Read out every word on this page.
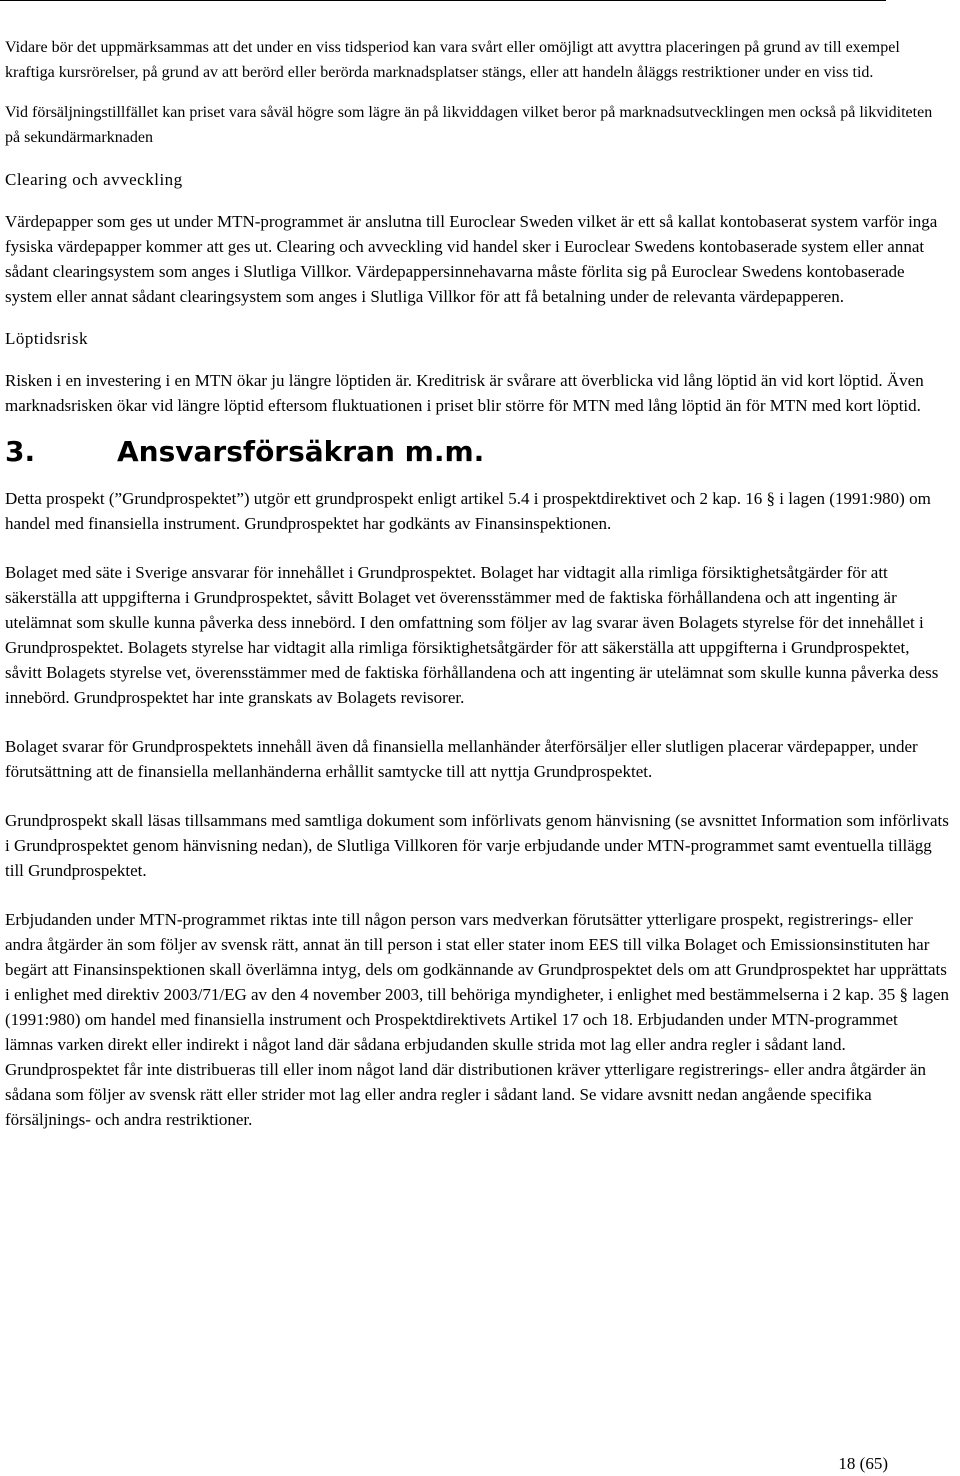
Vidare bör det uppmärksammas att det under en viss tidsperiod kan vara svårt eller omöjligt att avyttra placeringen på grund av till exempel kraftiga kursrörelser, på grund av att berörd eller berörda marknadsplatser stängs, eller att handeln åläggs restriktioner under en viss tid.

Vid försäljningstillfället kan priset vara såväl högre som lägre än på likviddagen vilket beror på marknadsutvecklingen men också på likviditeten på sekundärmarknaden

Clearing och avveckling

Värdepapper som ges ut under MTN-programmet är anslutna till Euroclear Sweden vilket är ett så kallat kontobaserat system varför inga fysiska värdepapper kommer att ges ut. Clearing och avveckling vid handel sker i Euroclear Swedens kontobaserade system eller annat sådant clearingsystem som anges i Slutliga Villkor. Värdepappersinnehavarna måste förlita sig på Euroclear Swedens kontobaserade system eller annat sådant clearingsystem som anges i Slutliga Villkor för att få betalning under de relevanta värdepapperen.

Löptidsrisk

Risken i en investering i en MTN ökar ju längre löptiden är. Kreditrisk är svårare att överblicka vid lång löptid än vid kort löptid. Även marknadsrisken ökar vid längre löptid eftersom fluktuationen i priset blir större för MTN med lång löptid än för MTN med kort löptid.

3.	Ansvarsförsäkran m.m.

Detta prospekt (”Grundprospektet”) utgör ett grundprospekt enligt artikel 5.4 i prospektdirektivet och 2 kap. 16 § i lagen (1991:980) om handel med finansiella instrument. Grundprospektet har godkänts av Finansinspektionen.

Bolaget med säte i Sverige ansvarar för innehållet i Grundprospektet. Bolaget har vidtagit alla rimliga försiktighetsåtgärder för att säkerställa att uppgifterna i Grundprospektet, såvitt Bolaget vet överensstämmer med de faktiska förhållandena och att ingenting är utelämnat som skulle kunna påverka dess innebörd. I den omfattning som följer av lag svarar även Bolagets styrelse för det innehållet i Grundprospektet. Bolagets styrelse har vidtagit alla rimliga försiktighetsåtgärder för att säkerställa att uppgifterna i Grundprospektet, såvitt Bolagets styrelse vet, överensstämmer med de faktiska förhållandena och att ingenting är utelämnat som skulle kunna påverka dess innebörd. Grundprospektet har inte granskats av Bolagets revisorer.

Bolaget svarar för Grundprospektets innehåll även då finansiella mellanhänder återförsäljer eller slutligen placerar värdepapper, under förutsättning att de finansiella mellanhänderna erhållit samtycke till att nyttja Grundprospektet.

Grundprospekt skall läsas tillsammans med samtliga dokument som införlivats genom hänvisning (se avsnittet Information som införlivats i Grundprospektet genom hänvisning nedan), de Slutliga Villkoren för varje erbjudande under MTN-programmet samt eventuella tillägg till Grundprospektet.

Erbjudanden under MTN-programmet riktas inte till någon person vars medverkan förutsätter ytterligare prospekt, registrerings- eller andra åtgärder än som följer av svensk rätt, annat än till person i stat eller stater inom EES till vilka Bolaget och Emissionsinstituten har begärt att Finansinspektionen skall överlämna intyg, dels om godkännande av Grundprospektet dels om att Grundprospektet har upprättats i enlighet med direktiv 2003/71/EG av den 4 november 2003, till behöriga myndigheter, i enlighet med bestämmelserna i 2 kap. 35 § lagen (1991:980) om handel med finansiella instrument och Prospektdirektivets Artikel 17 och 18. Erbjudanden under MTN-programmet lämnas varken direkt eller indirekt i något land där sådana erbjudanden skulle strida mot lag eller andra regler i sådant land. Grundprospektet får inte distribueras till eller inom något land där distributionen kräver ytterligare registrerings- eller andra åtgärder än sådana som följer av svensk rätt eller strider mot lag eller andra regler i sådant land. Se vidare avsnitt nedan angående specifika försäljnings- och andra restriktioner.

18 (65)
